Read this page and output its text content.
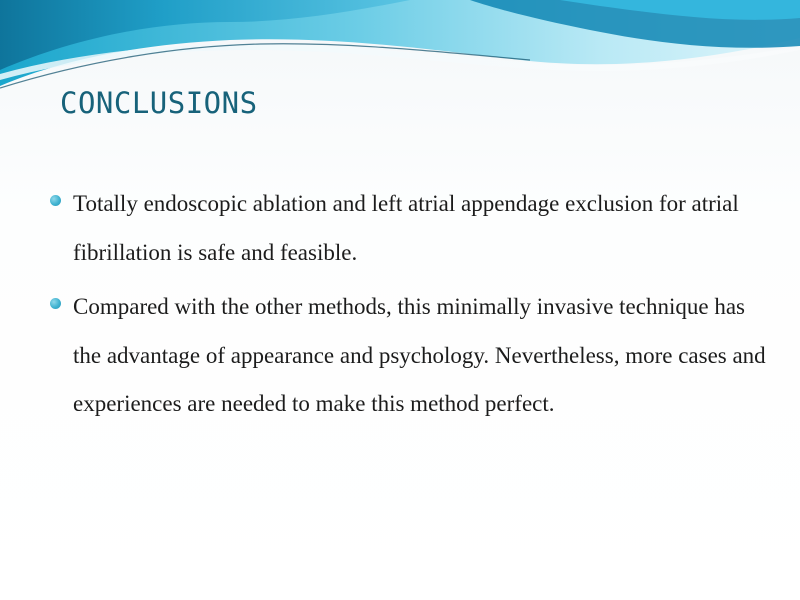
CONCLUSIONS
Totally endoscopic ablation and left atrial appendage exclusion for atrial fibrillation is safe and feasible.
Compared with the other methods, this minimally invasive technique has the advantage of appearance and psychology. Nevertheless, more cases and experiences are needed to make this method perfect.
